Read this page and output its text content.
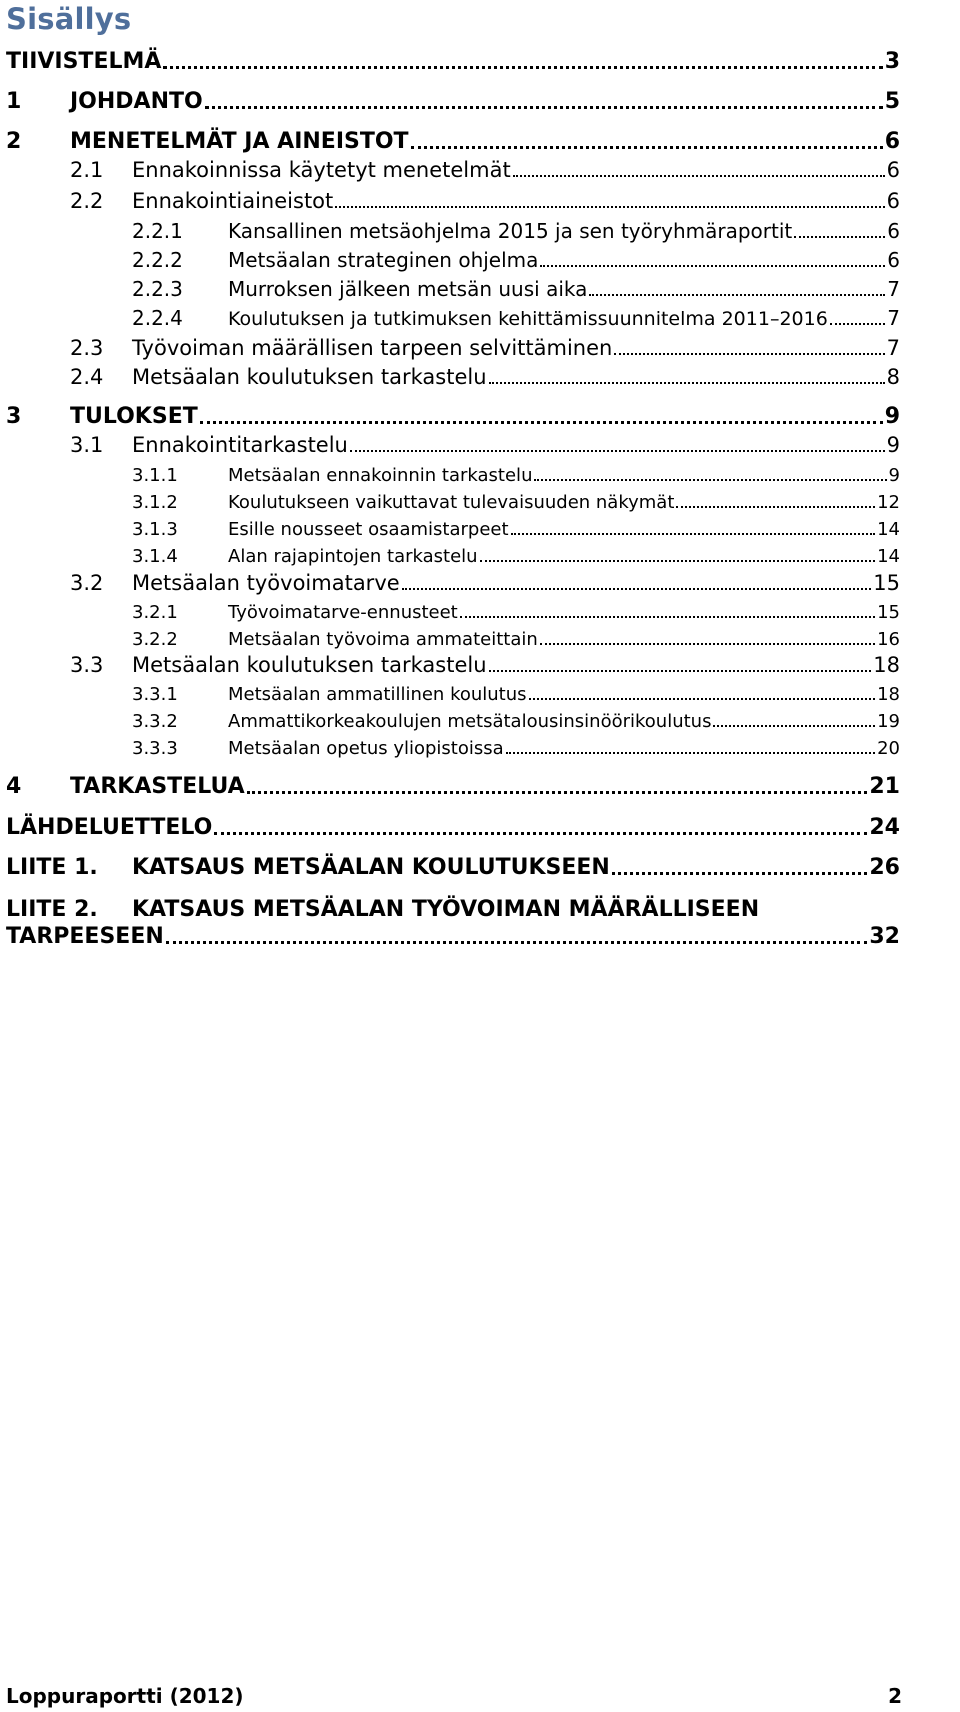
Sisällys
TIIVISTELMÄ	3
1	JOHDANTO	5
2	MENETELMÄT JA AINEISTOT	6
2.1	Ennakoinnissa käytetyt menetelmät	6
2.2	Ennakointiaineistot	6
2.2.1	Kansallinen metsäohjelma 2015 ja sen työryhmäraportit	6
2.2.2	Metsäalan strateginen ohjelma	6
2.2.3	Murroksen jälkeen metsän uusi aika	7
2.2.4	Koulutuksen ja tutkimuksen kehittämissuunnitelma 2011–2016	7
2.3	Työvoiman määrällisen tarpeen selvittäminen	7
2.4	Metsäalan koulutuksen tarkastelu	8
3	TULOKSET	9
3.1	Ennakointitarkastelu	9
3.1.1	Metsäalan ennakoinnin tarkastelu	9
3.1.2	Koulutukseen vaikuttavat tulevaisuuden näkymät	12
3.1.3	Esille nousseet osaamistarpeet	14
3.1.4	Alan rajapintojen tarkastelu	14
3.2	Metsäalan työvoimatarve	15
3.2.1	Työvoimatarve-ennusteet	15
3.2.2	Metsäalan työvoima ammateittain	16
3.3	Metsäalan koulutuksen tarkastelu	18
3.3.1	Metsäalan ammatillinen koulutus	18
3.3.2	Ammattikorkeakoulujen metsätalousinsinöörikoulutus	19
3.3.3	Metsäalan opetus yliopistoissa	20
4	TARKASTELUA	21
LÄHDELUETTELO	24
LIITE 1.	KATSAUS METSÄALAN KOULUTUKSEEN	26
LIITE 2.	KATSAUS METSÄALAN TYÖVOIMAN MÄÄRÄLLISEEN
TARPEESEEN	32
Loppuraportti (2012)	2
